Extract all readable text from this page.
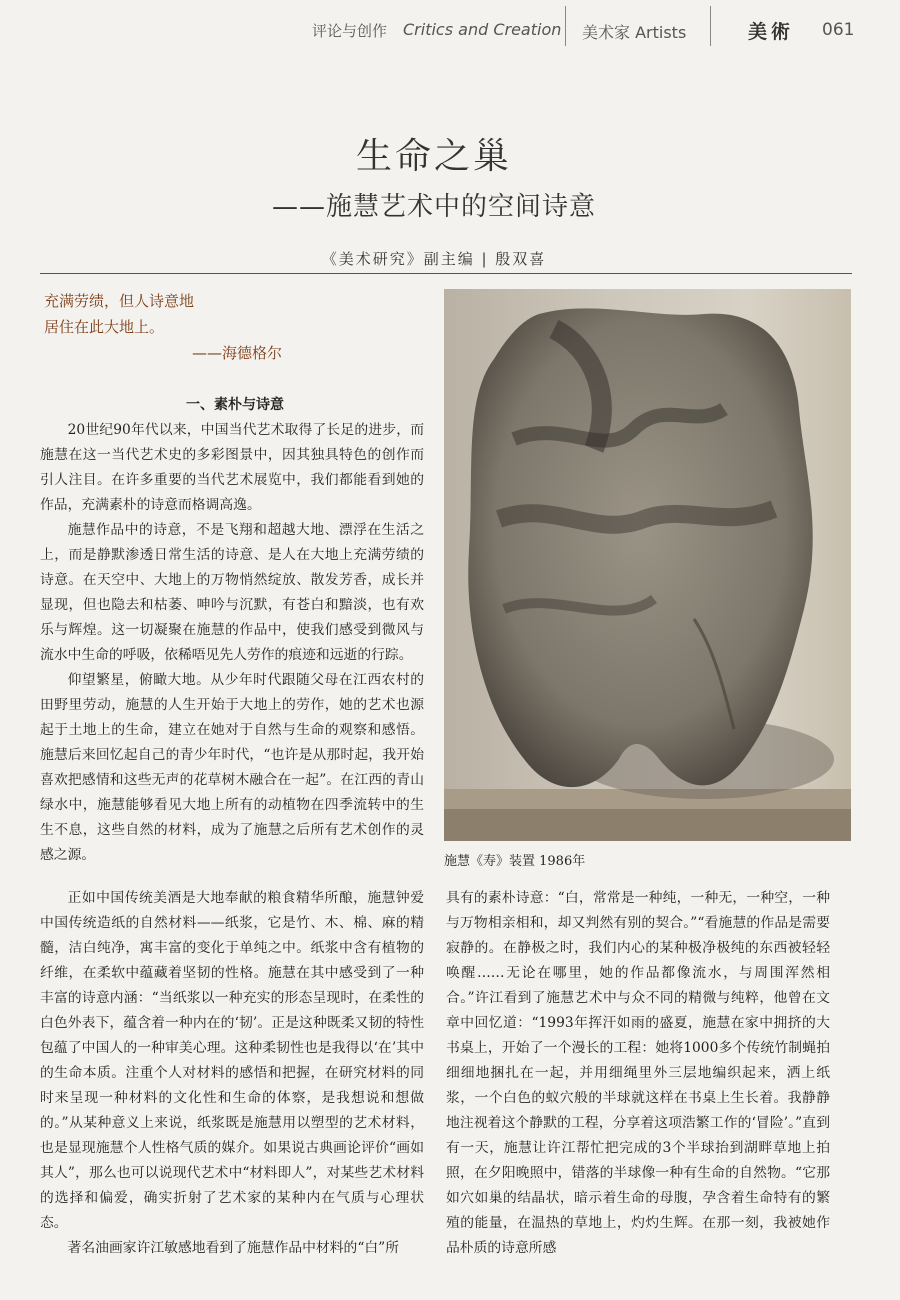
评论与创作 Critics and Creation 美术家 Artists	美術 061
生命之巢
——施慧艺术中的空间诗意
《美术研究》副主编 | 殷双喜
充满劳绩，但人诗意地
居住在此大地上。
——海德格尔
一、素朴与诗意

20世纪90年代以来，中国当代艺术取得了长足的进步，而施慧在这一当代艺术史的多彩图景中，因其独具特色的创作而引人注目。在许多重要的当代艺术展览中，我们都能看到她的作品，充满素朴的诗意而格调高逸。

施慧作品中的诗意，不是飞翔和超越大地、漂浮在生活之上，而是静默渗透日常生活的诗意、是人在大地上充满劳绩的诗意。在天空中、大地上的万物悄然绽放、散发芳香，成长并显现，但也隐去和枯萎、呻吟与沉默，有苍白和黯淡，也有欢乐与辉煌。这一切凝聚在施慧的作品中，使我们感受到微风与流水中生命的呼吸，依稀唔见先人劳作的痕迹和远逝的行踪。

仰望繁星，俯瞰大地。从少年时代跟随父母在江西农村的田野里劳动，施慧的人生开始于大地上的劳作，她的艺术也源起于土地上的生命，建立在她对于自然与生命的观察和感悟。施慧后来回忆起自己的青少年时代，“也许是从那时起，我开始喜欢把感情和这些无声的花草树木融合在一起”。在江西的青山绿水中，施慧能够看见大地上所有的动植物在四季流转中的生生不息，这些自然的材料，成为了施慧之后所有艺术创作的灵感之源。	施慧《寿》装置 1986年

正如中国传统美酒是大地奉献的粮食精华所酿，施慧钟爱中国传统造纸的自然材料——纸浆，它是竹、木、棉、麻的精髓，洁白纯净，寓丰富的变化于单纯之中。纸浆中含有植物的纤维，在柔软中蕴藏着坚韧的性格。施慧在其中感受到了一种丰富的诗意内涵：“当纸浆以一种充实的形态呈现时，在柔性的白色外表下，蕴含着一种内在的‘韧’。正是这种既柔又韧的特性包蕴了中国人的一种审美心理。这种柔韧性也是我得以‘在’其中的生命本质。注重个人对材料的感悟和把握，在研究材料的同时来呈现一种材料的文化性和生命的体察，是我想说和想做的。”从某种意义上来说，纸浆既是施慧用以塑型的艺术材料，也是显现施慧个人性格气质的媒介。如果说古典画论评价“画如其人”，那么也可以说现代艺术中“材料即人”，对某些艺术材料的选择和偏爱，确实折射了艺术家的某种内在气质与心理状态。

著名油画家许江敏感地看到了施慧作品中材料的“白”所

具有的素朴诗意：“白，常常是一种纯，一种无，一种空，一种与万物相亲相和，却又判然有别的契合。”“看施慧的作品是需要寂静的。在静极之时，我们内心的某种极净极纯的东西被轻轻唤醒……无论在哪里，她的作品都像流水，与周围浑然相合。”许江看到了施慧艺术中与众不同的精微与纯粹，他曾在文章中回忆道：“1993年挥汗如雨的盛夏，施慧在家中拥挤的大书桌上，开始了一个漫长的工程：她将1000多个传统竹制蝇拍细细地捆扎在一起，并用细绳里外三层地编织起来，洒上纸浆，一个白色的蚁穴般的半球就这样在书桌上生长着。我静静地注视着这个静默的工程，分享着这项浩繁工作的‘冒险’。”直到有一天，施慧让许江帮忙把完成的3个半球抬到湖畔草地上拍照，在夕阳晚照中，错落的半球像一种有生命的自然物。“它那如穴如巢的结晶状，暗示着生命的母腹，孕含着生命特有的繁殖的能量，在温热的草地上，灼灼生辉。在那一刻，我被她作品朴质的诗意所感
